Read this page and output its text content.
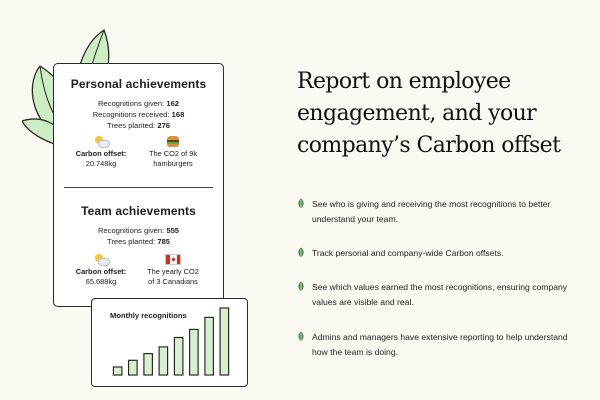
Personal achievements
Recognitions given: 162
Recognitions received: 168
Trees planted: 276
Carbon offset:
20.748kg
The CO2 of 9k
hamburgers
Team achievements
Recognitions given: 555
Trees planted: 785
Carbon offset:
65.688kg
The yearly CO2
of 3 Canadians
Monthly recognitions
Report on employee
engagement, and your
company’s Carbon offset
See who is giving and receiving the most recognitions to better understand your team.
Track personal and company-wide Carbon offsets.
See which values earned the most recognitions, ensuring company values are visible and real.
Admins and managers have extensive reporting to help understand how the team is doing.
